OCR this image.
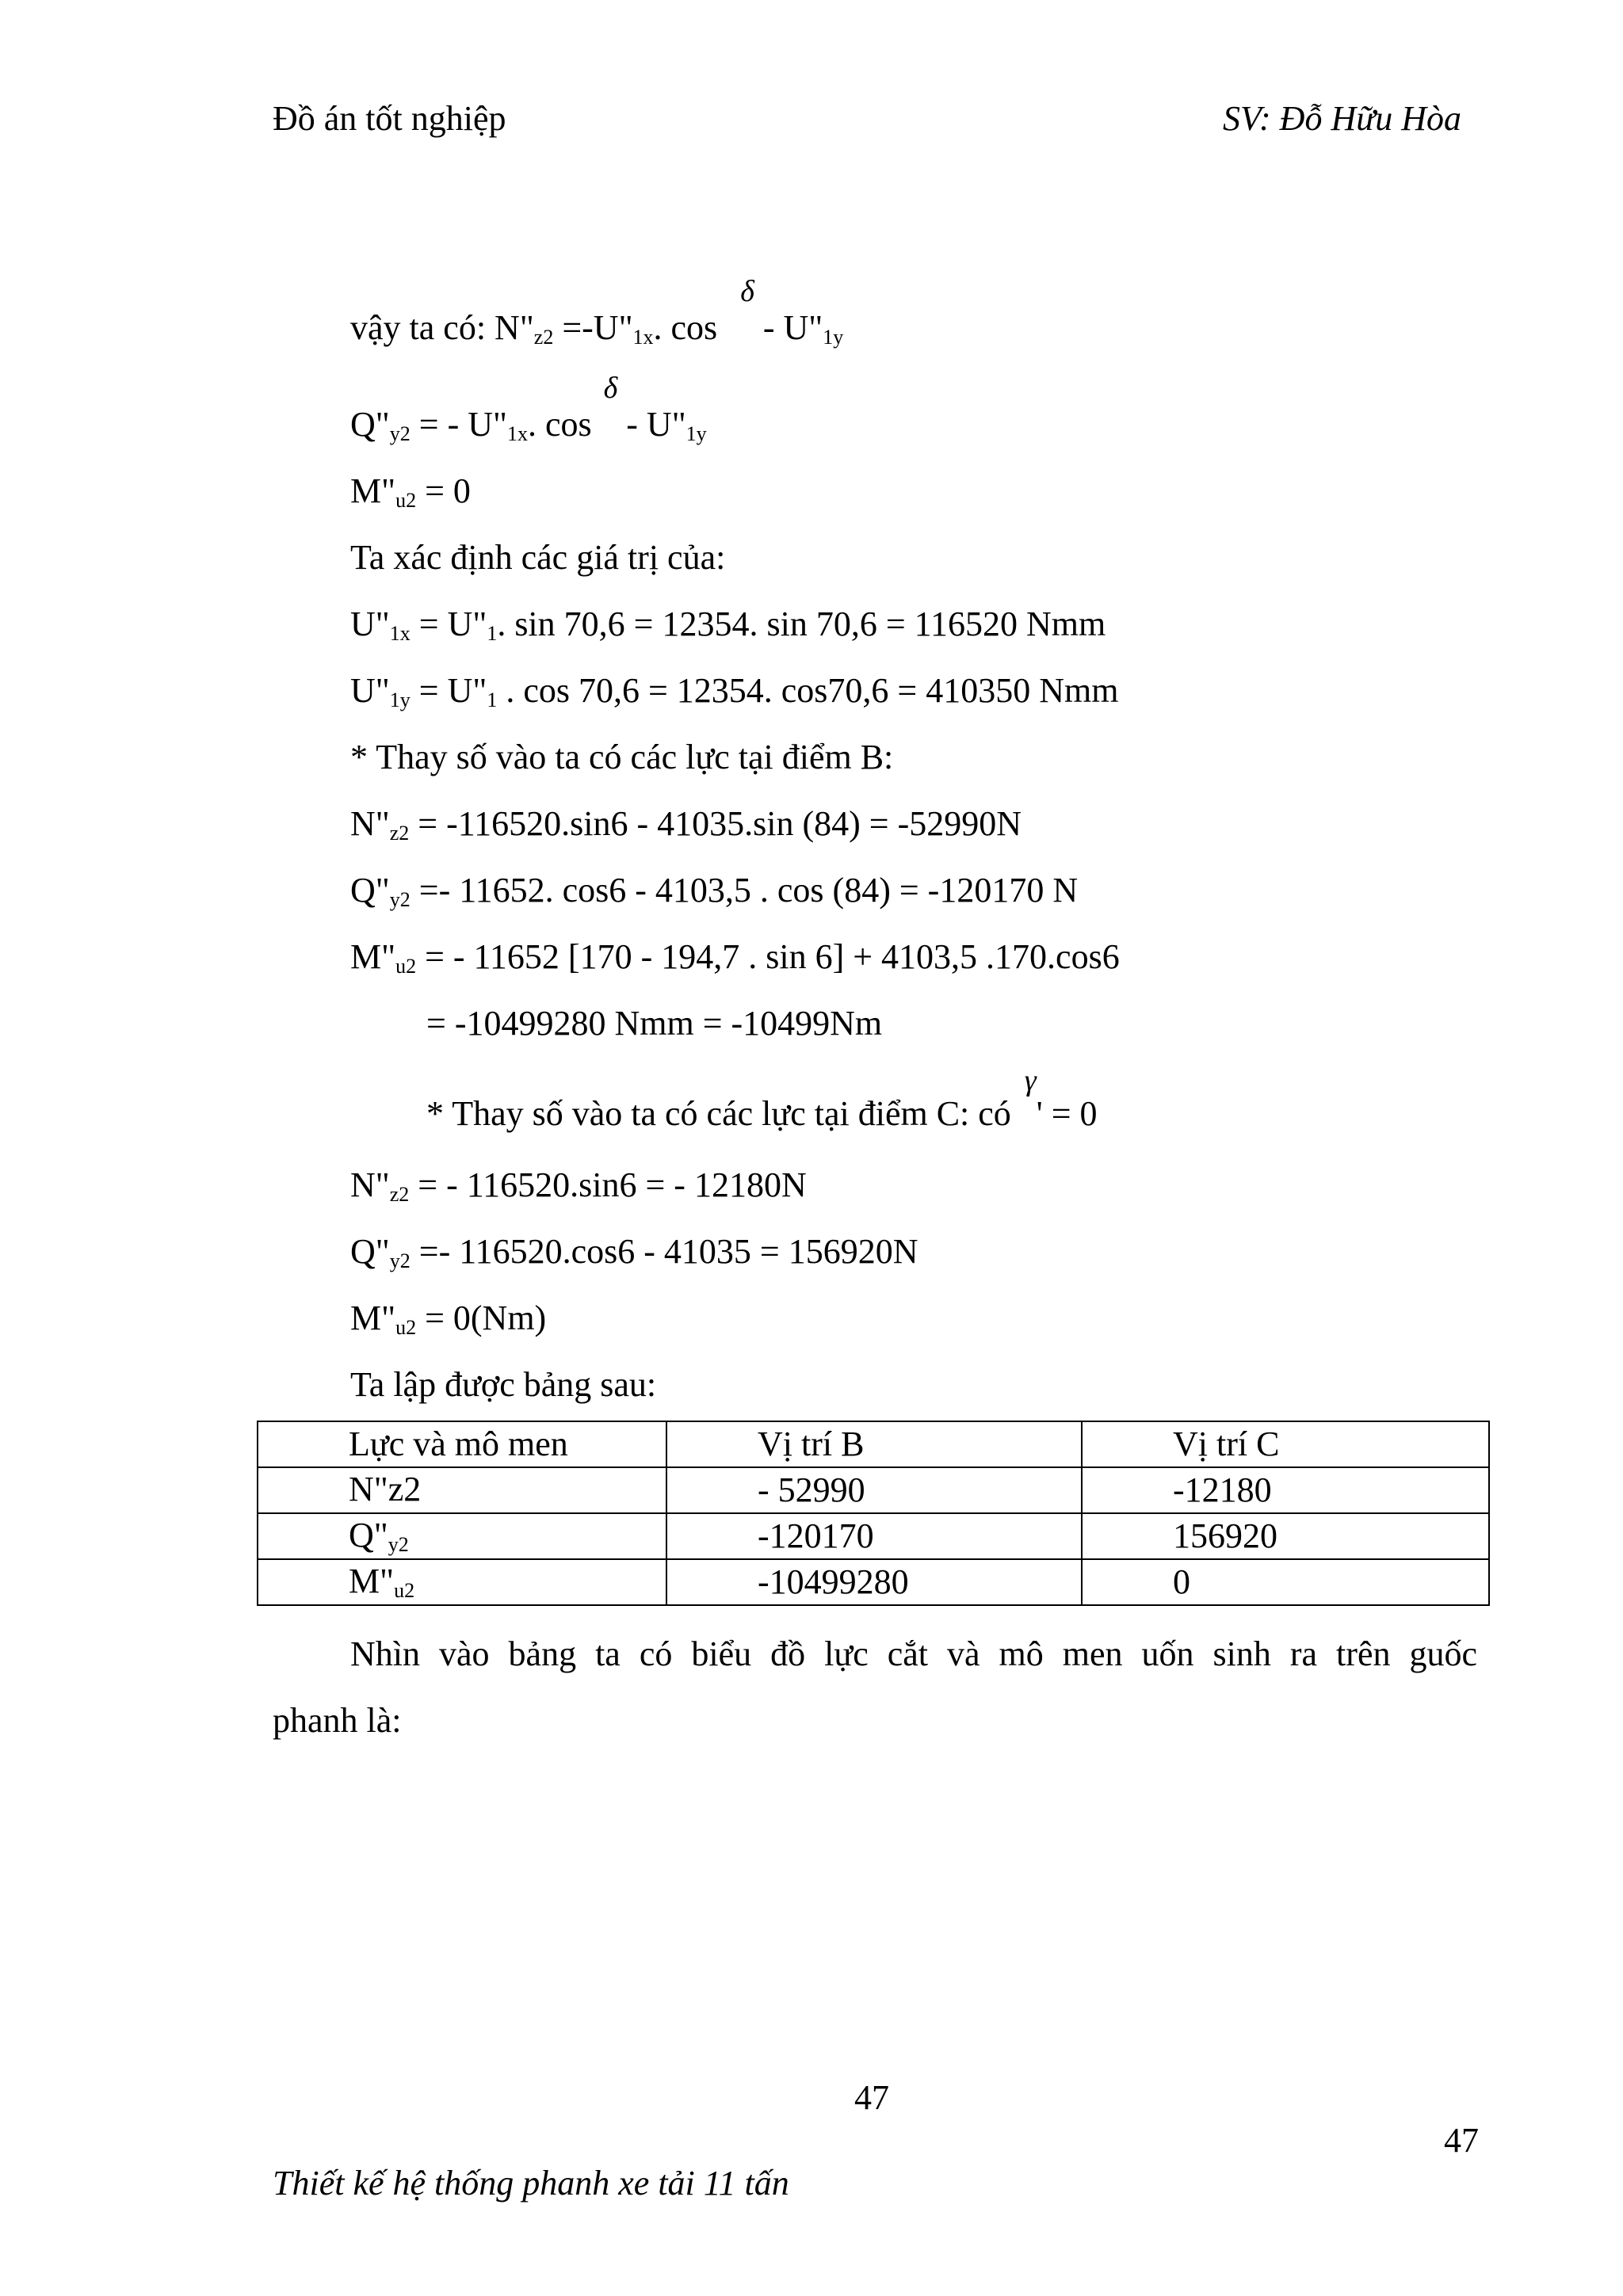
Đồ án tốt nghiệp	SV: Đỗ Hữu Hòa
vậy ta có: $N"_{z2}$ $=-U"_{1x}$. cos δ - $U"_{1y}$
$Q"_{y2}$ = - $U"_{1x}$. cos δ - $U"_{1y}$
$M"_{u2} = 0$
Ta xác định các giá trị của:
$U"_{1x}$ = $U"_1$. sin 70,6 = 12354. sin 70,6 = 116520 Nmm
$U"_{1y}$ = $U"_1$ . cos 70,6 = 12354. cos70,6 = 410350 Nmm
* Thay số vào ta có các lực tại điểm B:
$N"_{z2} = -116520.\sin 6 - 41035.\sin$ (84) = -52990N
$Q"_{y2} =- 11652$. cos6 - 4103,5 . cos (84) = -120170 N
$M"_{u2}$ = - 11652 [170 - 194,7 . sin 6] + 4103,5 .170.cos6
= -10499280 Nmm = -10499Nm
* Thay số vào ta có các lực tại điểm C: có γ' = 0
$N"_{z2}$ = - 116520.sin6 = - 12180N
$Q"_{y2} =- 116520.\cos 6 - 41035 = 156920N$
$M"_{u2} = 0(Nm)$
Ta lập được bảng sau:
Lực và mô men	Vị trí B	Vị trí C
N"z2	- 52990	-12180
$Q"_{y2}$	-120170	156920
$M"_{u2}$	-10499280	0
Nhìn vào bảng ta có biểu đồ lực cắt và mô men uốn sinh ra trên guốc
phanh là:
47
47
Thiết kế hệ thống phanh xe tải 11 tấn
